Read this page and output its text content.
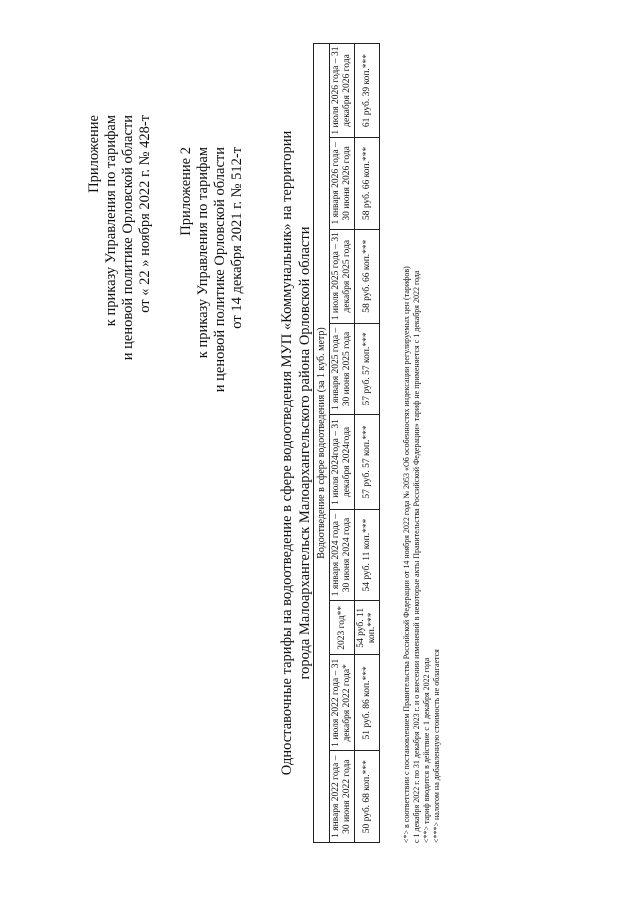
Приложение к приказу Управления по тарифам и ценовой политике Орловской области от « 22 » ноября 2022 г. № 428-т Приложение 2 к приказу Управления по тарифам и ценовой политике Орловской области от 14 декабря 2021 г. № 512-т Одноставочные тарифы на водоотведение в сфере водоотведения МУП «Коммунальник» на территории города Малоархангельск Малоархангельского района Орловской области Водоотведение в сфере водоотведения (за 1 куб. метр)								
1 января 2022 года – 30 июня 2022 года	1 июля 2022 года – 31 декабря 2022 года*	2023 год**	1 января 2024 года – 30 июня 2024 года	1 июля 2024года – 31 декабря 2024года	1 января 2025 года – 30 июня 2025 года	1 июля 2025 года – 31 декабря 2025 года	1 января 2026 года – 30 июня 2026 года	1 июля 2026 года – 31 декабря 2026 года
50 руб. 68 коп.***	51 руб. 86 коп.***	54 руб. 11 коп.***	54 руб. 11 коп.***	57 руб. 57 коп.***	57 руб. 57 коп.***	58 руб. 66 коп.***	58 руб. 66 коп.***	61 руб. 39 коп.***
<*> в соответствии с постановлением Правительства Российской Федерации от 14 ноября 2022 года № 2053 «Об особенностях индексации регулируемых цен (тарифов) с 1 декабря 2022 г. по 31 декабря 2023 г. и о внесении изменений в некоторые акты Правительства Российской Федерации» тариф не применяется с 1 декабря 2022 года <**> тариф вводится в действие с 1 декабря 2022 года <***> налогом на добавленную стоимость не облагается
